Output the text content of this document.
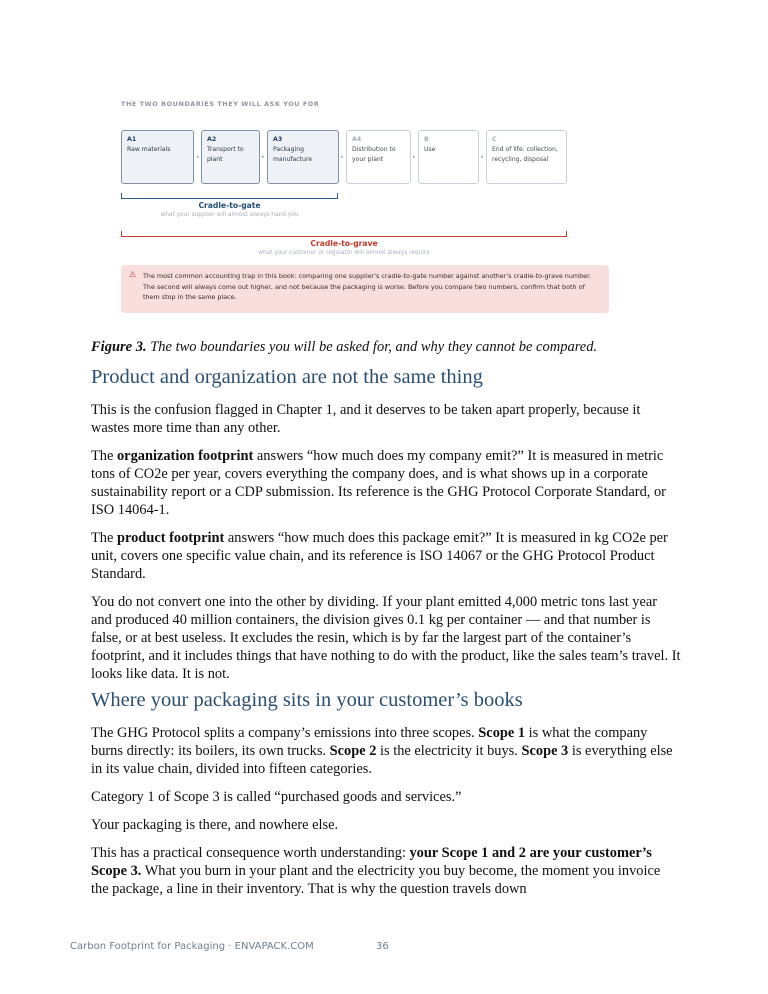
THE TWO BOUNDARIES THEY WILL ASK YOU FOR
A1
Raw materials
▸
A2
Transport to plant	▸
A3
Packaging manufacture	▸
A4
Distribution to your plant	▸
B
Use
▸
C
End of life: collection, recycling, disposal
Cradle-to-gate
what your supplier will almost always hand you
Cradle-to-grave
what your customer or regulator will almost always require
⚠ The most common accounting trap in this book: comparing one supplier's cradle-to-gate number against another's cradle-to-grave number. The second will always come out higher, and not because the packaging is worse. Before you compare two numbers, confirm that both of them stop in the same place.
Figure 3. The two boundaries you will be asked for, and why they cannot be compared.
Product and organization are not the same thing

This is the confusion flagged in Chapter 1, and it deserves to be taken apart properly, because it wastes more time than any other.

The organization footprint answers “how much does my company emit?” It is measured in metric tons of CO2e per year, covers everything the company does, and is what shows up in a corporate sustainability report or a CDP submission. Its reference is the GHG Protocol Corporate Standard, or ISO 14064-1.

The product footprint answers “how much does this package emit?” It is measured in kg CO2e per unit, covers one specific value chain, and its reference is ISO 14067 or the GHG Protocol Product Standard.

You do not convert one into the other by dividing. If your plant emitted 4,000 metric tons last year and produced 40 million containers, the division gives 0.1 kg per container — and that number is false, or at best useless. It excludes the resin, which is by far the largest part of the container’s footprint, and it includes things that have nothing to do with the product, like the sales team’s travel. It looks like data. It is not.

Where your packaging sits in your customer’s books

The GHG Protocol splits a company’s emissions into three scopes. Scope 1 is what the company burns directly: its boilers, its own trucks. Scope 2 is the electricity it buys. Scope 3 is everything else in its value chain, divided into fifteen categories.

Category 1 of Scope 3 is called “purchased goods and services.”

Your packaging is there, and nowhere else.

This has a practical consequence worth understanding: your Scope 1 and 2 are your customer’s Scope 3. What you burn in your plant and the electricity you buy become, the moment you invoice the package, a line in their inventory. That is why the question travels down

Carbon Footprint for Packaging · ENVAPACK.COM	36
